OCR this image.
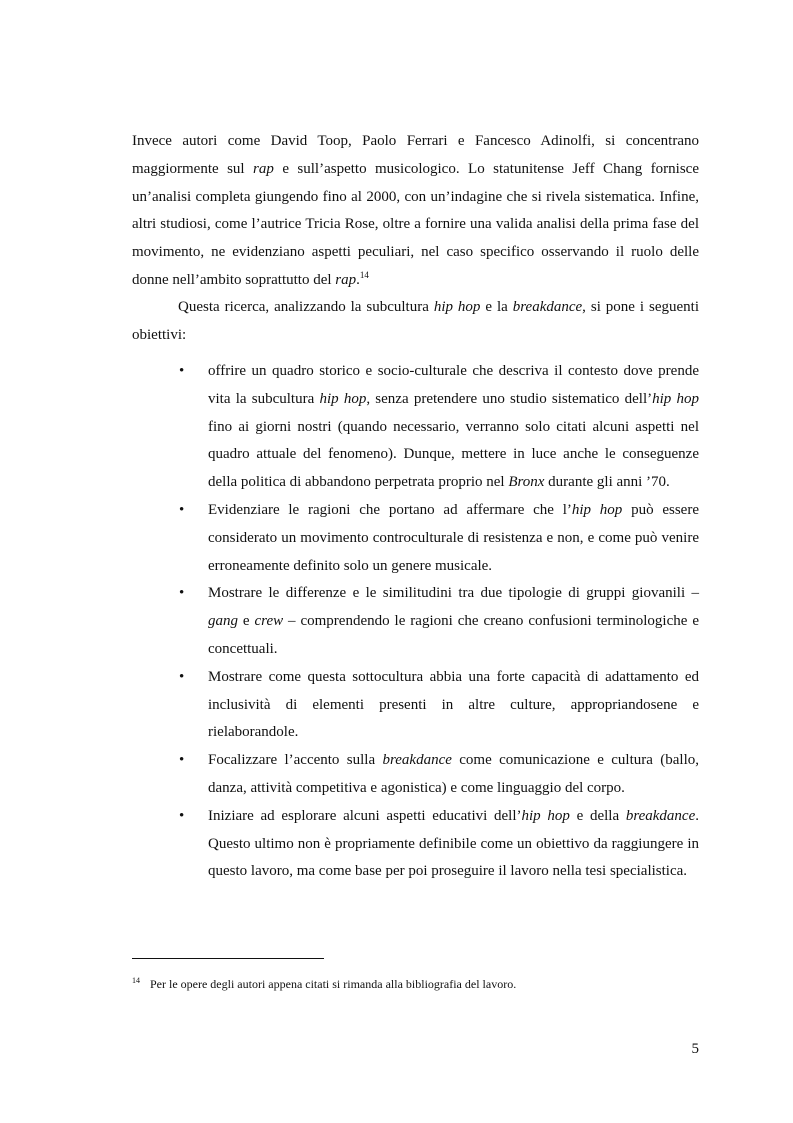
Invece autori come David Toop, Paolo Ferrari e Fancesco Adinolfi, si concentrano maggiormente sul rap e sull’aspetto musicologico. Lo statunitense Jeff Chang fornisce un’analisi completa giungendo fino al 2000, con un’indagine che si rivela sistematica. Infine, altri studiosi, come l’autrice Tricia Rose, oltre a fornire una valida analisi della prima fase del movimento, ne evidenziano aspetti peculiari, nel caso specifico osservando il ruolo delle donne nell’ambito soprattutto del rap.$^{14}$

Questa ricerca, analizzando la subcultura hip hop e la breakdance, si pone i seguenti obiettivi:

• offrire un quadro storico e socio-culturale che descriva il contesto dove prende vita la subcultura hip hop, senza pretendere uno studio sistematico dell’hip hop fino ai giorni nostri (quando necessario, verranno solo citati alcuni aspetti nel quadro attuale del fenomeno). Dunque, mettere in luce anche le conseguenze della politica di abbandono perpetrata proprio nel Bronx durante gli anni ’70.
• Evidenziare le ragioni che portano ad affermare che l’hip hop può essere considerato un movimento controculturale di resistenza e non, e come può venire erroneamente definito solo un genere musicale.
• Mostrare le differenze e le similitudini tra due tipologie di gruppi giovanili – gang e crew – comprendendo le ragioni che creano confusioni terminologiche e concettuali.
• Mostrare come questa sottocultura abbia una forte capacità di adattamento ed inclusività di elementi presenti in altre culture, appropriandosene e rielaborandole.
• Focalizzare l’accento sulla breakdance come comunicazione e cultura (ballo, danza, attività competitiva e agonistica) e come linguaggio del corpo.
• Iniziare ad esplorare alcuni aspetti educativi dell’hip hop e della breakdance. Questo ultimo non è propriamente definibile come un obiettivo da raggiungere in questo lavoro, ma come base per poi proseguire il lavoro nella tesi specialistica.

$^{14}$ Per le opere degli autori appena citati si rimanda alla bibliografia del lavoro.

5
